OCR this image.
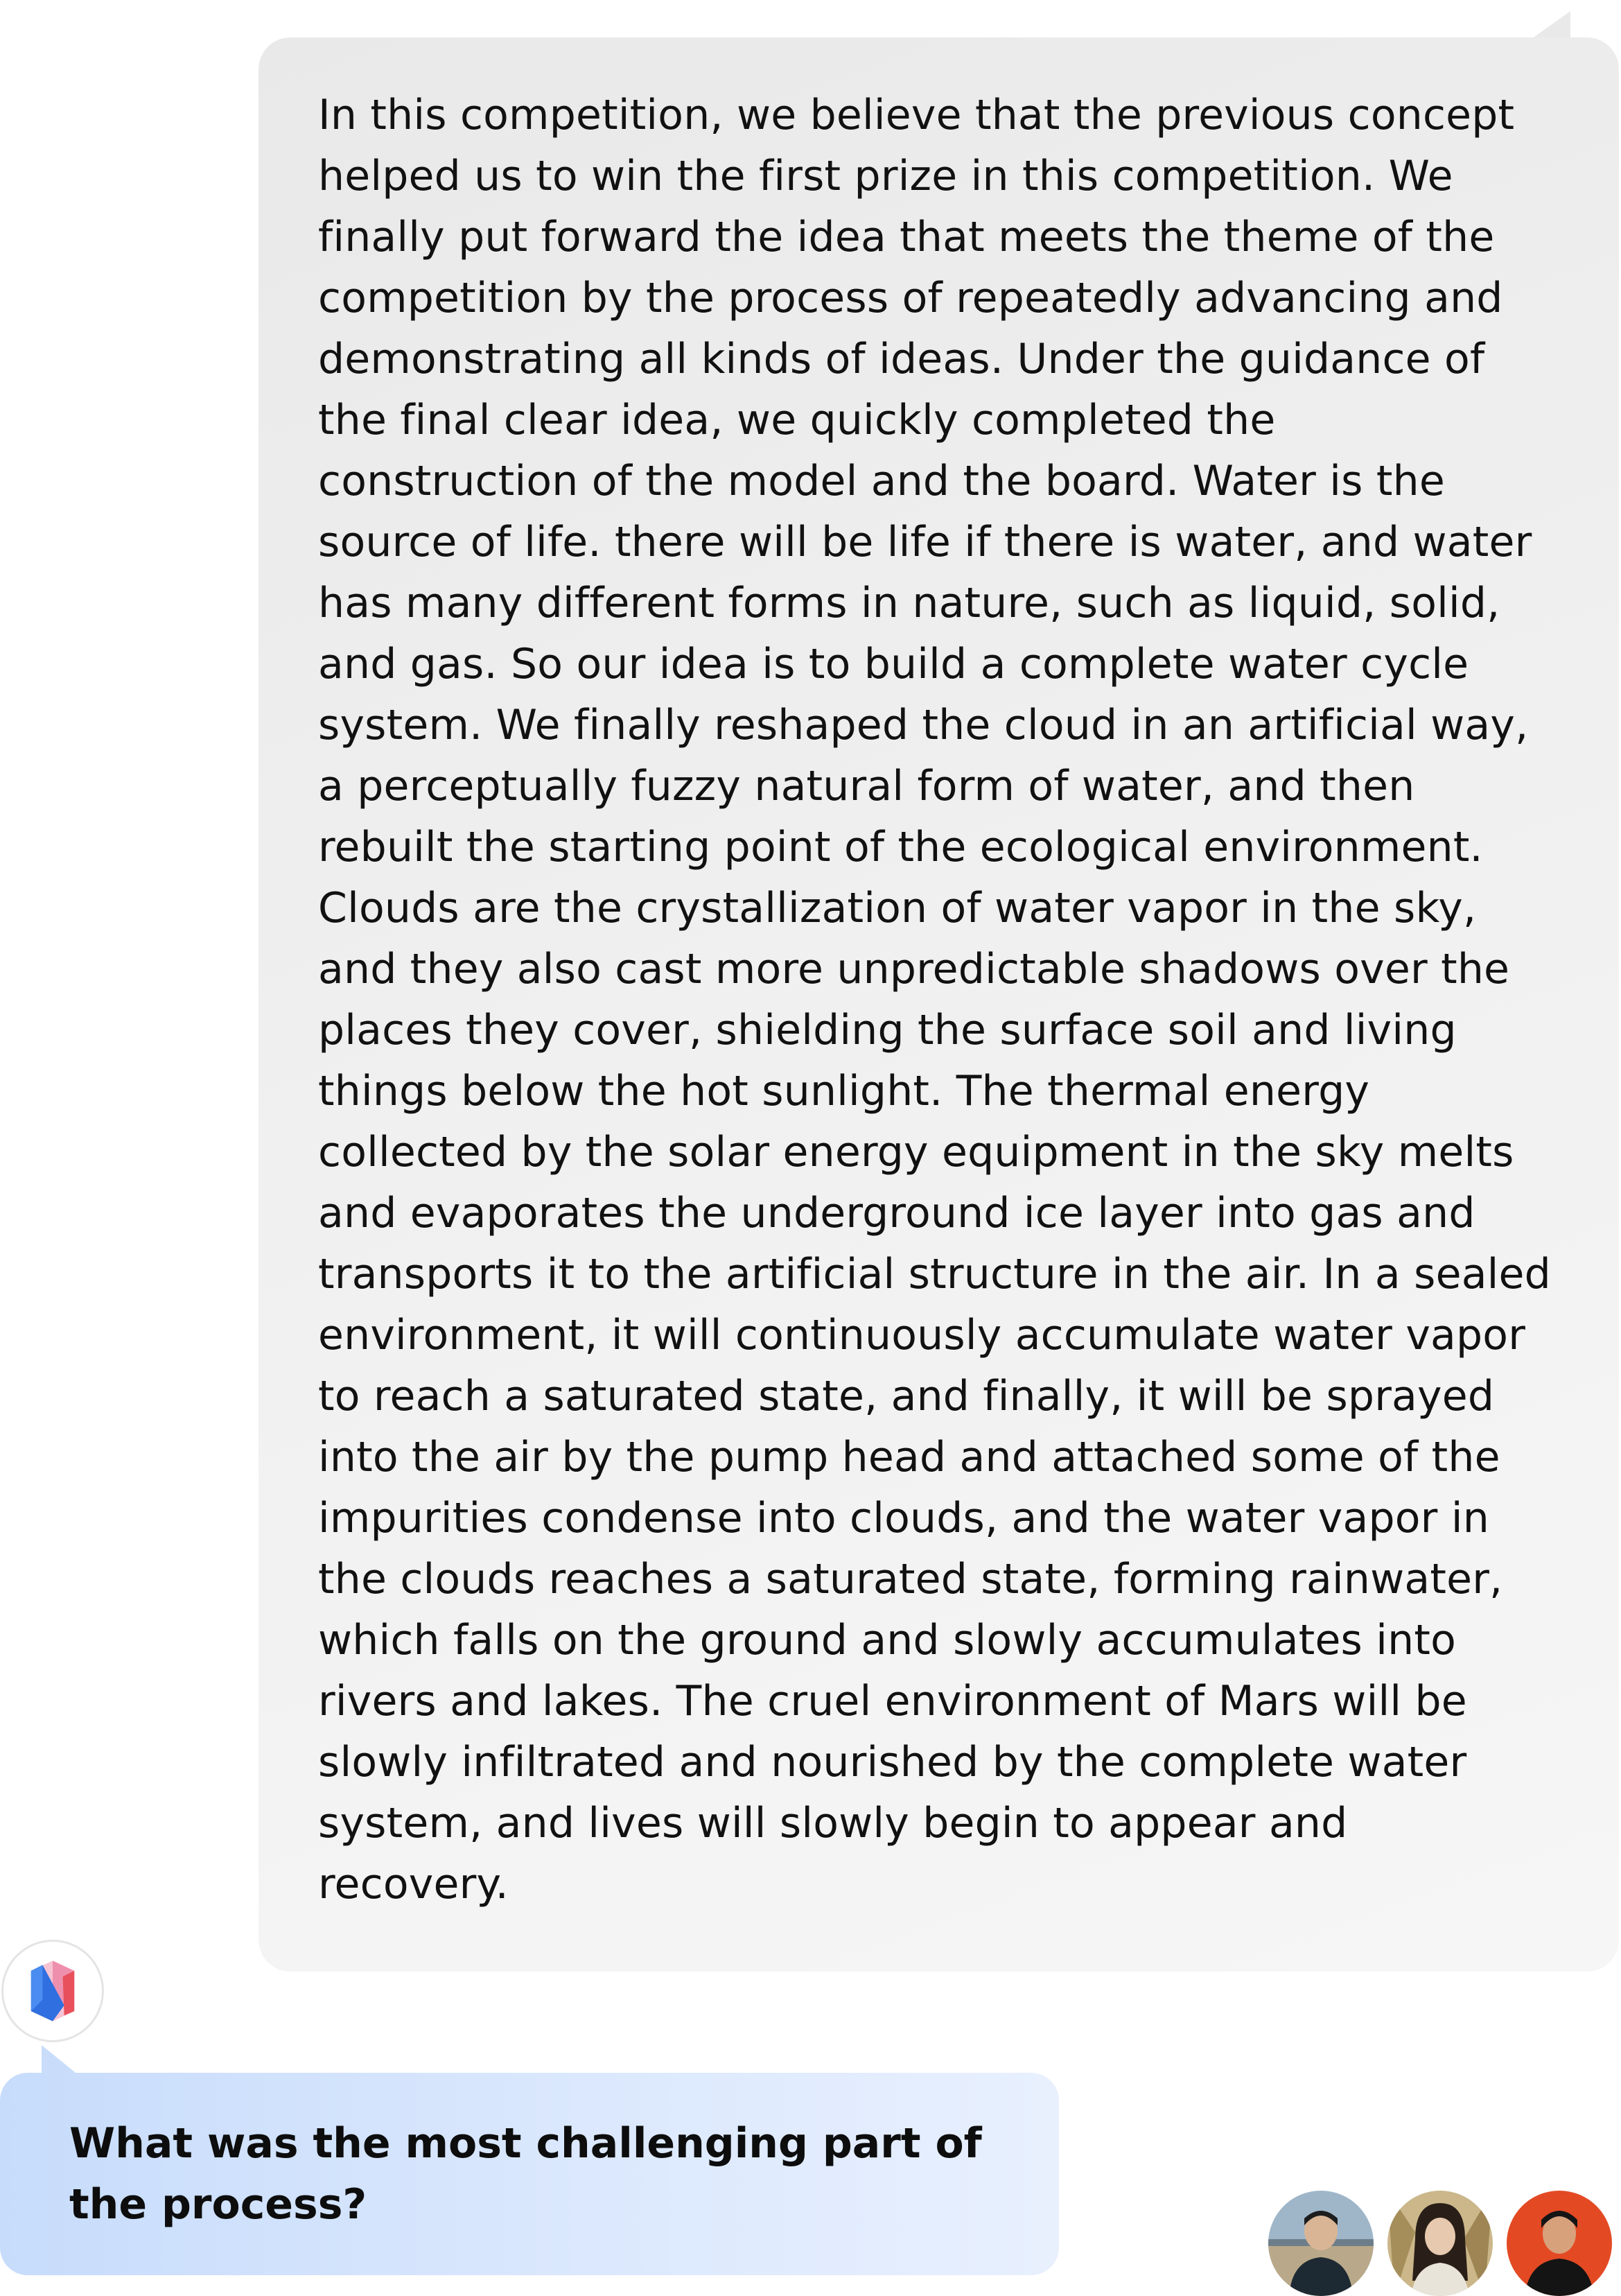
In this competition, we believe that the previous concept
helped us to win the first prize in this competition. We
finally put forward the idea that meets the theme of the
competition by the process of repeatedly advancing and
demonstrating all kinds of ideas. Under the guidance of
the final clear idea, we quickly completed the
construction of the model and the board. Water is the
source of life. there will be life if there is water, and water
has many different forms in nature, such as liquid, solid,
and gas. So our idea is to build a complete water cycle
system. We finally reshaped the cloud in an artificial way,
a perceptually fuzzy natural form of water, and then
rebuilt the starting point of the ecological environment.
Clouds are the crystallization of water vapor in the sky,
and they also cast more unpredictable shadows over the
places they cover, shielding the surface soil and living
things below the hot sunlight. The thermal energy
collected by the solar energy equipment in the sky melts
and evaporates the underground ice layer into gas and
transports it to the artificial structure in the air. In a sealed
environment, it will continuously accumulate water vapor
to reach a saturated state, and finally, it will be sprayed
into the air by the pump head and attached some of the
impurities condense into clouds, and the water vapor in
the clouds reaches a saturated state, forming rainwater,
which falls on the ground and slowly accumulates into
rivers and lakes. The cruel environment of Mars will be
slowly infiltrated and nourished by the complete water
system, and lives will slowly begin to appear and
recovery.

What was the most challenging part of
the process?
